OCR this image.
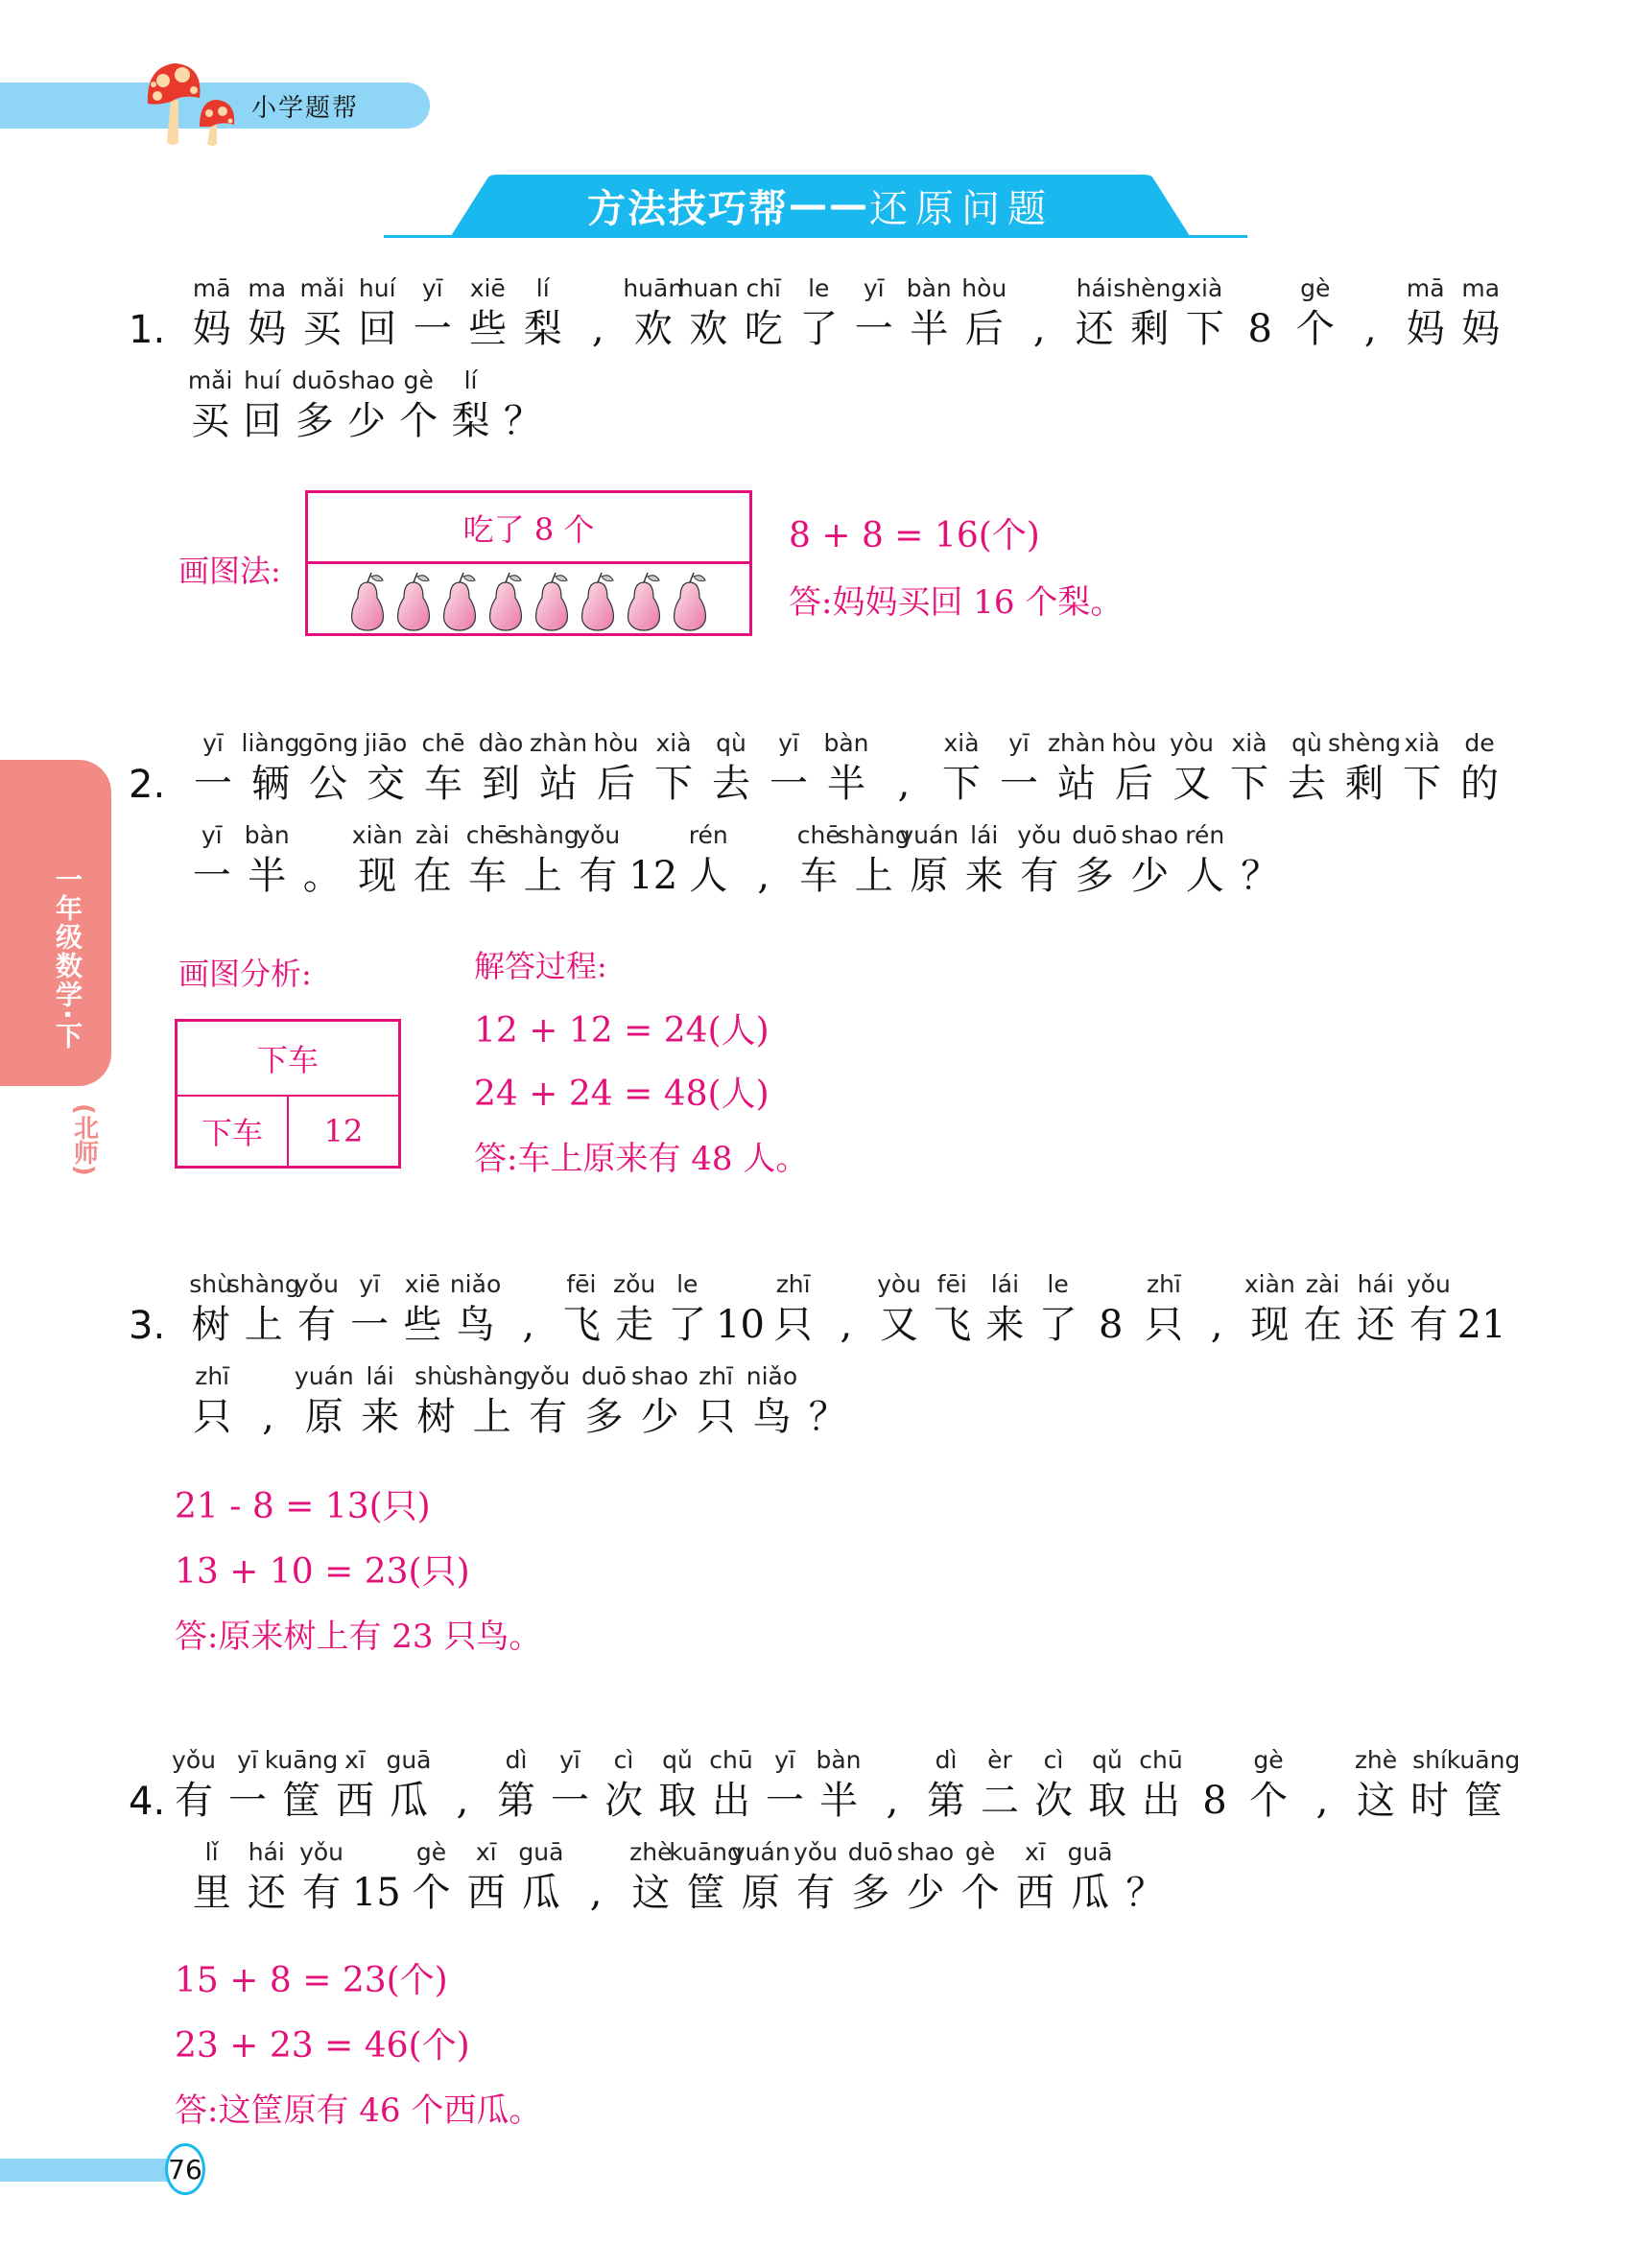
小学题帮
方法技巧帮 —— 还原问题
一年级数学·下
(北师)
1.
mā
妈
ma
妈
mǎi
买
huí
回
yī
一
xiē
些
lí
梨 ,
huān
欢
huan
欢
chī
吃
le
了
yī
一
bàn
半
hòu
后 ,
hái
还
shèng
剩
xià
下 8
gè
个 ,
mā
妈
ma
妈
mǎi
买
huí
回
duō
多
shao
少
gè
个
lí
梨 ？
画图法:
吃了 8 个	8 + 8 = 16(个)
答:妈妈买回 16 个梨。
2.
yī
一
liàng
辆
gōng
公
jiāo
交
chē
车
dào
到
zhàn
站
hòu
后
xià
下
qù
去
yī
一
bàn
半 ,
xià
下
yī
一
zhàn
站
hòu
后
yòu
又
xià
下
qù
去
shèng
剩
xià
下
de
的
yī
一
bàn
半 。
xiàn
现
zài
在
chē
车
shàng
上
yǒu
有 12
rén
人 ,
chē
车
shàng
上
yuán
原
lái
来
yǒu
有
duō
多
shao
少
rén
人 ？
画图分析:
下车
下车	12
解答过程:
12 + 12 = 24(人)
24 + 24 = 48(人)
答:车上原来有 48 人。
3.
shù
树
shàng
上
yǒu
有
yī
一
xiē
些
niǎo
鸟 ,
fēi
飞
zǒu
走
le
了 10
zhī
只 ,
yòu
又
fēi
飞
lái
来
le
了 8
zhī
只 ,
xiàn
现
zài
在
hái
还
yǒu
有 21
zhī
只 ,
yuán
原
lái
来
shù
树
shàng
上
yǒu
有
duō
多
shao
少
zhī
只
niǎo
鸟 ？
21 - 8 = 13(只)
13 + 10 = 23(只)
答:原来树上有 23 只鸟。
4.
yǒu
有
yī
一
kuāng
筐
xī
西
guā
瓜 ,
dì
第
yī
一
cì
次
qǔ
取
chū
出
yī
一
bàn
半 ,
dì
第
èr
二
cì
次
qǔ
取
chū
出 8
gè
个 ,
zhè
这
shí
时
kuāng
筐
lǐ
里
hái
还
yǒu
有 15
gè
个
xī
西
guā
瓜 ,
zhè
这
kuāng
筐
yuán
原
yǒu
有
duō
多
shao
少
gè
个
xī
西
guā
瓜 ？
15 + 8 = 23(个)
23 + 23 = 46(个)
答:这筐原有 46 个西瓜。
76
